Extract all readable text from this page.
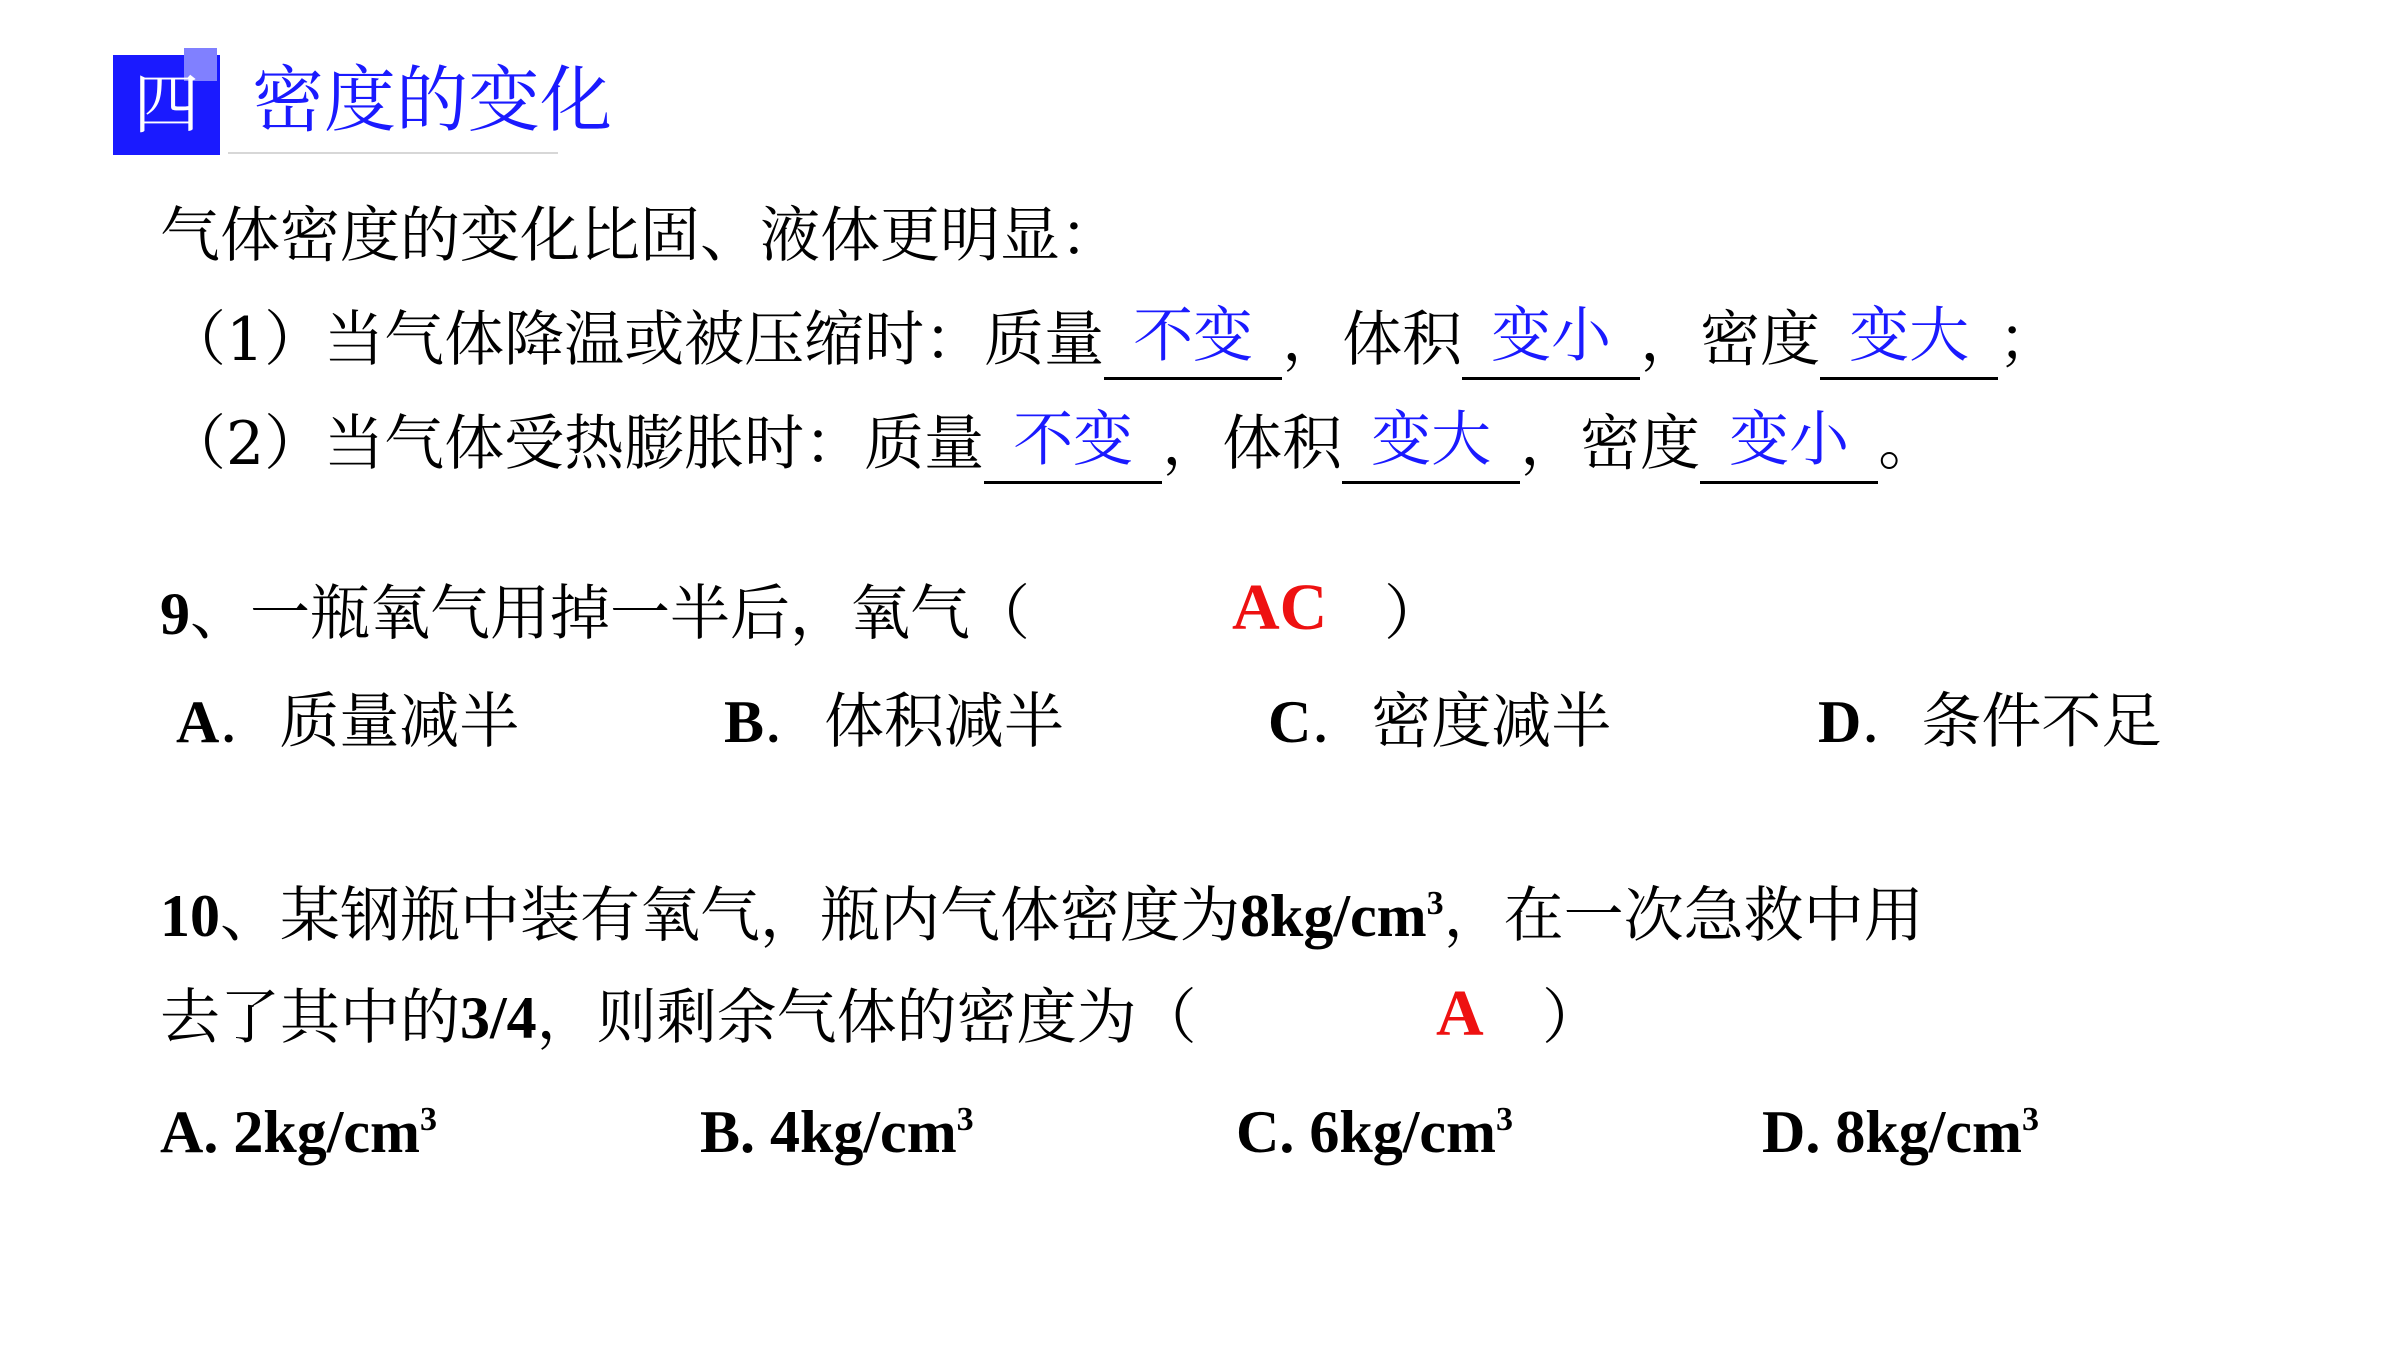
四 密度的变化
气体密度的变化比固、液体更明显：
（1）当气体降温或被压缩时：质量 不变 ，体积 变小 ，密度 变大 ；
（2）当气体受热膨胀时：质量 不变 ，体积 变大 ，密度 变小 。
9、一瓶氧气用掉一半后，氧气（	AC ）
A．质量减半	B．体积减半	C．密度减半	D．条件不足
10、某钢瓶中装有氧气，瓶内气体密度为$8kg/cm^3$，在一次急救中用
去了其中的3/4，则剩余气体的密度为（	A ）
A. $2kg/cm^3$	B. $4kg/cm^3$	C. $6kg/cm^3$	D. $8kg/cm^3$
